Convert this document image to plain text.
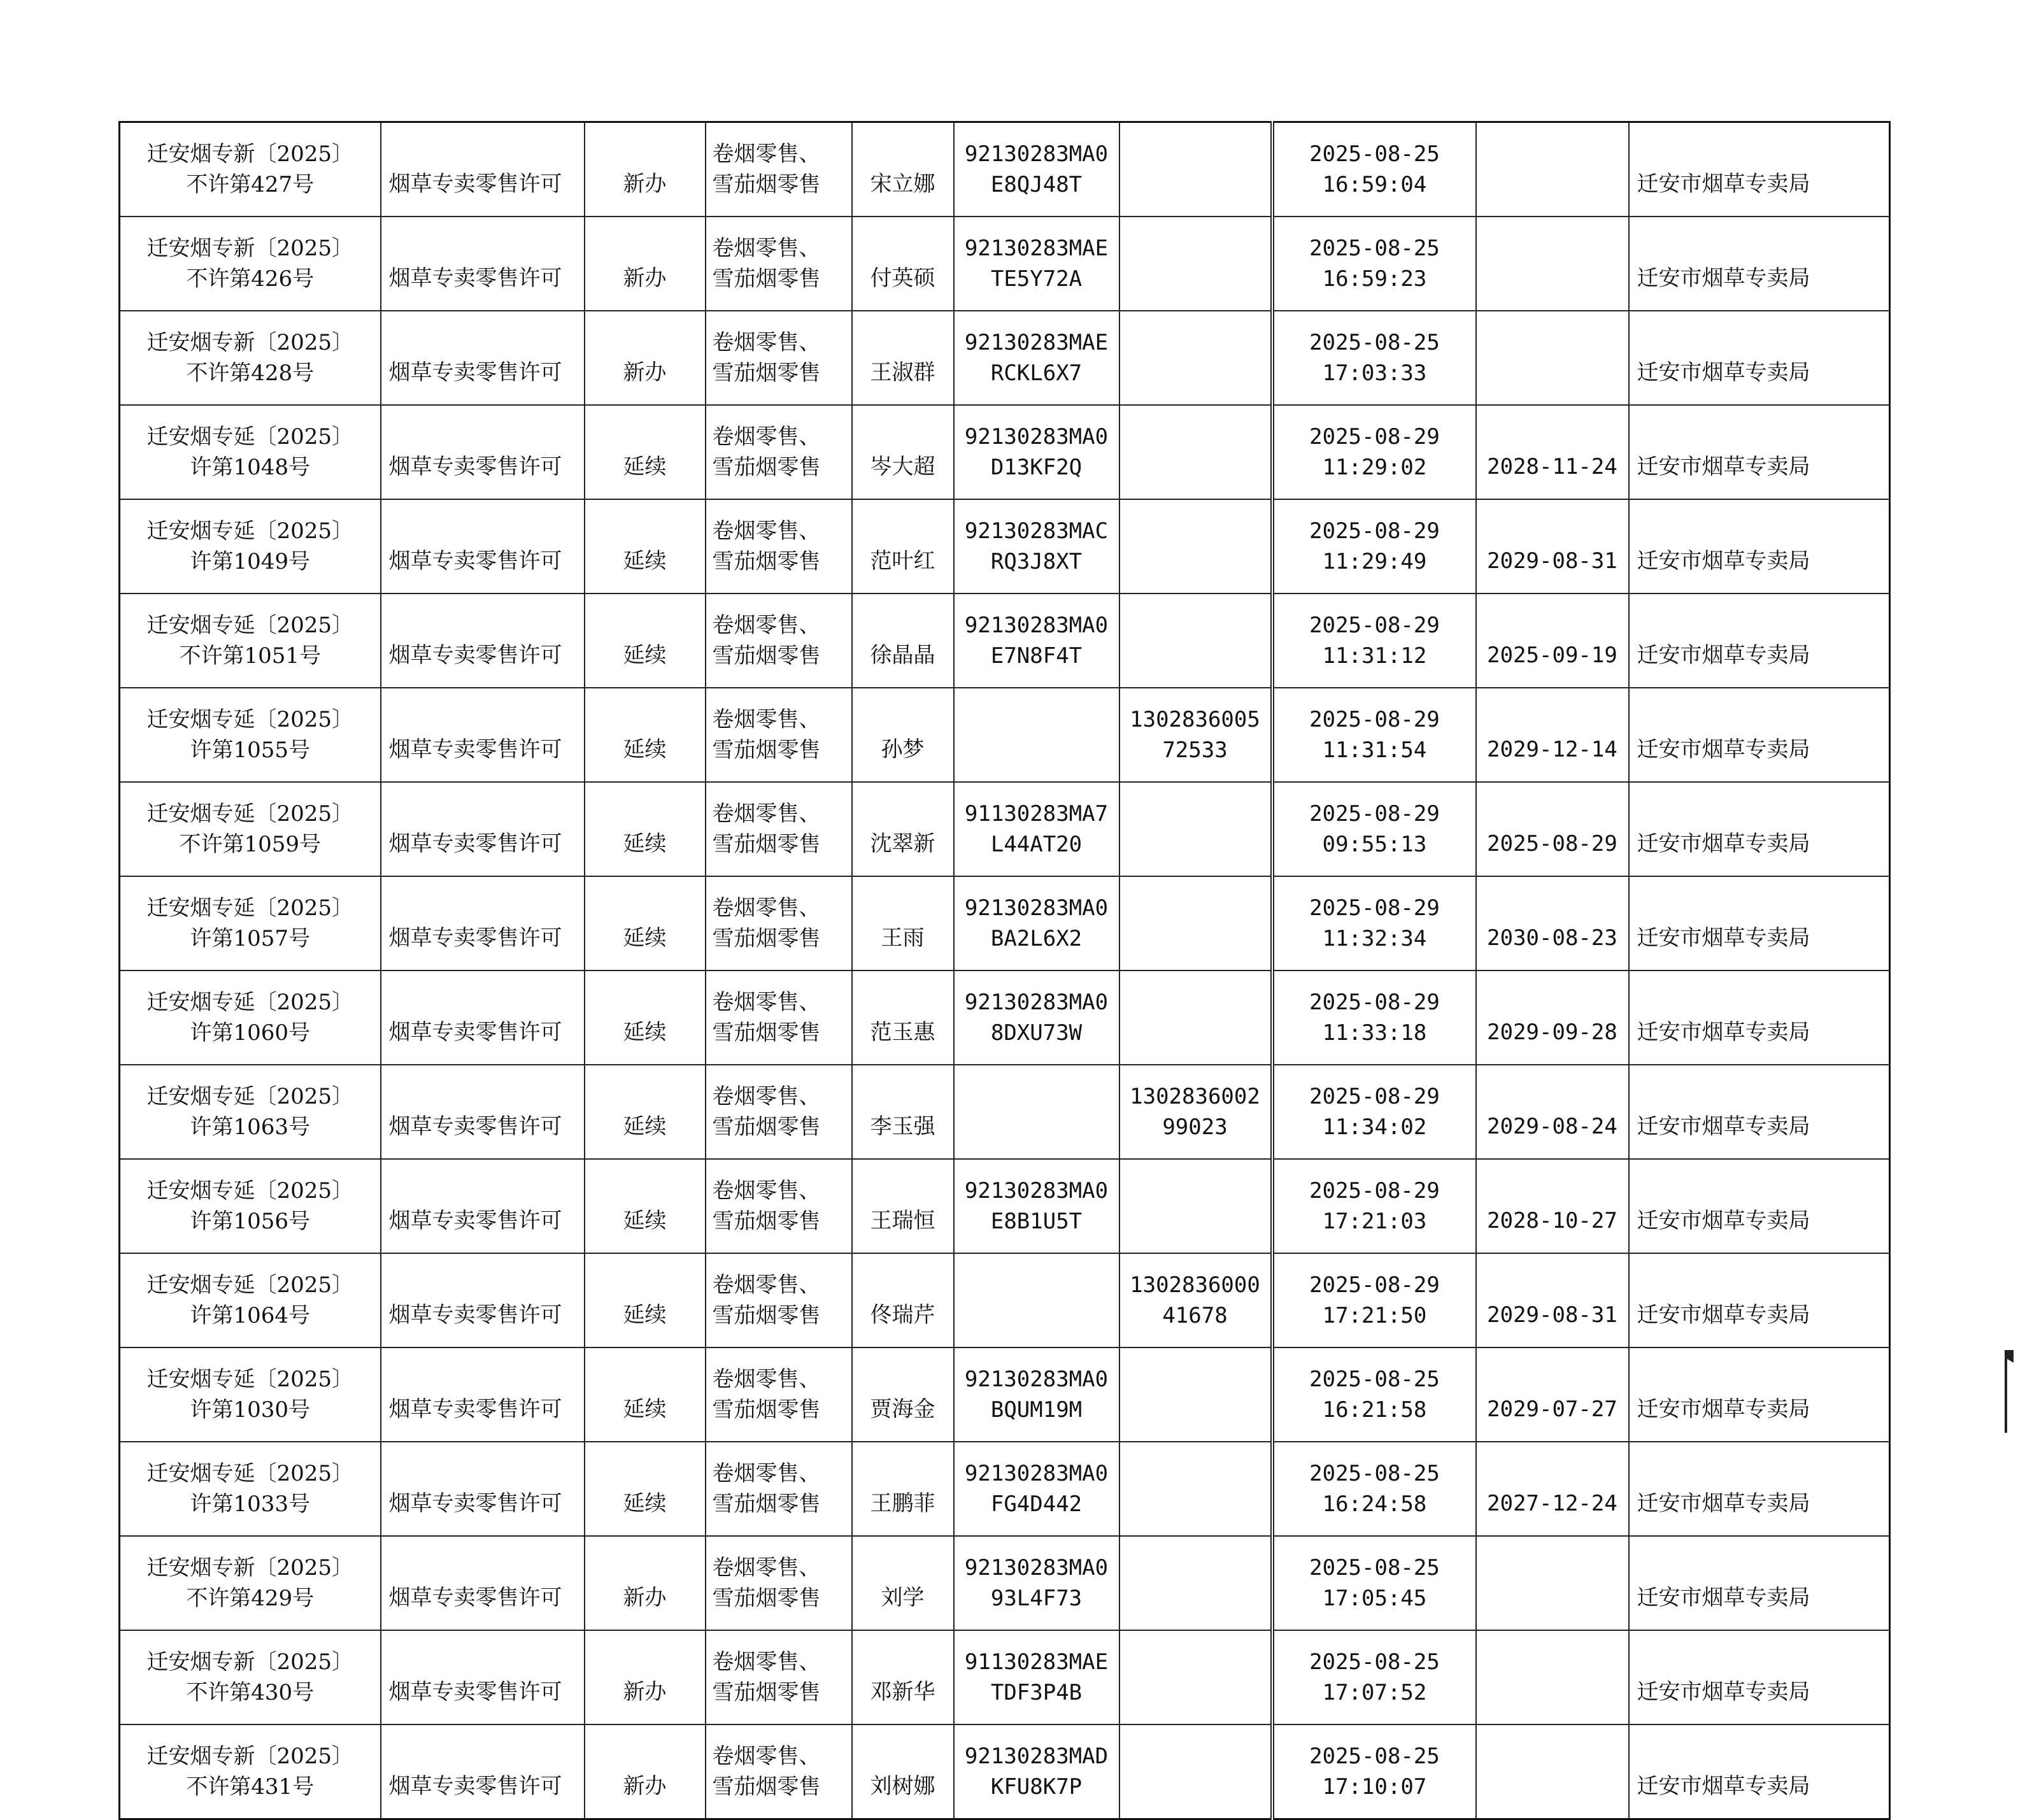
迁安烟专新〔2025〕
不许第427号	烟草专卖零售许可	新办	卷烟零售、
雪茄烟零售	宋立娜	92130283MA0
E8QJ48T		2025-08-25
16:59:04		迁安市烟草专卖局

迁安烟专新〔2025〕
不许第426号	烟草专卖零售许可	新办	卷烟零售、
雪茄烟零售	付英硕	92130283MAE
TE5Y72A		2025-08-25
16:59:23		迁安市烟草专卖局

迁安烟专新〔2025〕
不许第428号	烟草专卖零售许可	新办	卷烟零售、
雪茄烟零售	王淑群	92130283MAE
RCKL6X7		2025-08-25
17:03:33		迁安市烟草专卖局

迁安烟专延〔2025〕
许第1048号	烟草专卖零售许可	延续	卷烟零售、
雪茄烟零售	岑大超	92130283MA0
D13KF2Q		2025-08-29
11:29:02	2028-11-24	迁安市烟草专卖局

迁安烟专延〔2025〕
许第1049号	烟草专卖零售许可	延续	卷烟零售、
雪茄烟零售	范叶红	92130283MAC
RQ3J8XT		2025-08-29
11:29:49	2029-08-31	迁安市烟草专卖局

迁安烟专延〔2025〕
不许第1051号	烟草专卖零售许可	延续	卷烟零售、
雪茄烟零售	徐晶晶	92130283MA0
E7N8F4T		2025-08-29
11:31:12	2025-09-19	迁安市烟草专卖局

迁安烟专延〔2025〕
许第1055号	烟草专卖零售许可	延续	卷烟零售、
雪茄烟零售	孙梦		1302836005
72533	2025-08-29
11:31:54	2029-12-14	迁安市烟草专卖局

迁安烟专延〔2025〕
不许第1059号	烟草专卖零售许可	延续	卷烟零售、
雪茄烟零售	沈翠新	91130283MA7
L44AT20		2025-08-29
09:55:13	2025-08-29	迁安市烟草专卖局

迁安烟专延〔2025〕
许第1057号	烟草专卖零售许可	延续	卷烟零售、
雪茄烟零售	王雨	92130283MA0
BA2L6X2		2025-08-29
11:32:34	2030-08-23	迁安市烟草专卖局

迁安烟专延〔2025〕
许第1060号	烟草专卖零售许可	延续	卷烟零售、
雪茄烟零售	范玉惠	92130283MA0
8DXU73W		2025-08-29
11:33:18	2029-09-28	迁安市烟草专卖局

迁安烟专延〔2025〕
许第1063号	烟草专卖零售许可	延续	卷烟零售、
雪茄烟零售	李玉强		1302836002
99023	2025-08-29
11:34:02	2029-08-24	迁安市烟草专卖局

迁安烟专延〔2025〕
许第1056号	烟草专卖零售许可	延续	卷烟零售、
雪茄烟零售	王瑞恒	92130283MA0
E8B1U5T		2025-08-29
17:21:03	2028-10-27	迁安市烟草专卖局

迁安烟专延〔2025〕
许第1064号	烟草专卖零售许可	延续	卷烟零售、
雪茄烟零售	佟瑞芹		1302836000
41678	2025-08-29
17:21:50	2029-08-31	迁安市烟草专卖局

迁安烟专延〔2025〕
许第1030号	烟草专卖零售许可	延续	卷烟零售、
雪茄烟零售	贾海金	92130283MA0
BQUM19M		2025-08-25
16:21:58	2029-07-27	迁安市烟草专卖局

迁安烟专延〔2025〕
许第1033号	烟草专卖零售许可	延续	卷烟零售、
雪茄烟零售	王鹏菲	92130283MA0
FG4D442		2025-08-25
16:24:58	2027-12-24	迁安市烟草专卖局

迁安烟专新〔2025〕
不许第429号	烟草专卖零售许可	新办	卷烟零售、
雪茄烟零售	刘学	92130283MA0
93L4F73		2025-08-25
17:05:45		迁安市烟草专卖局

迁安烟专新〔2025〕
不许第430号	烟草专卖零售许可	新办	卷烟零售、
雪茄烟零售	邓新华	91130283MAE
TDF3P4B		2025-08-25
17:07:52		迁安市烟草专卖局

迁安烟专新〔2025〕
不许第431号	烟草专卖零售许可	新办	卷烟零售、
雪茄烟零售	刘树娜	92130283MAD
KFU8K7P		2025-08-25
17:10:07		迁安市烟草专卖局
